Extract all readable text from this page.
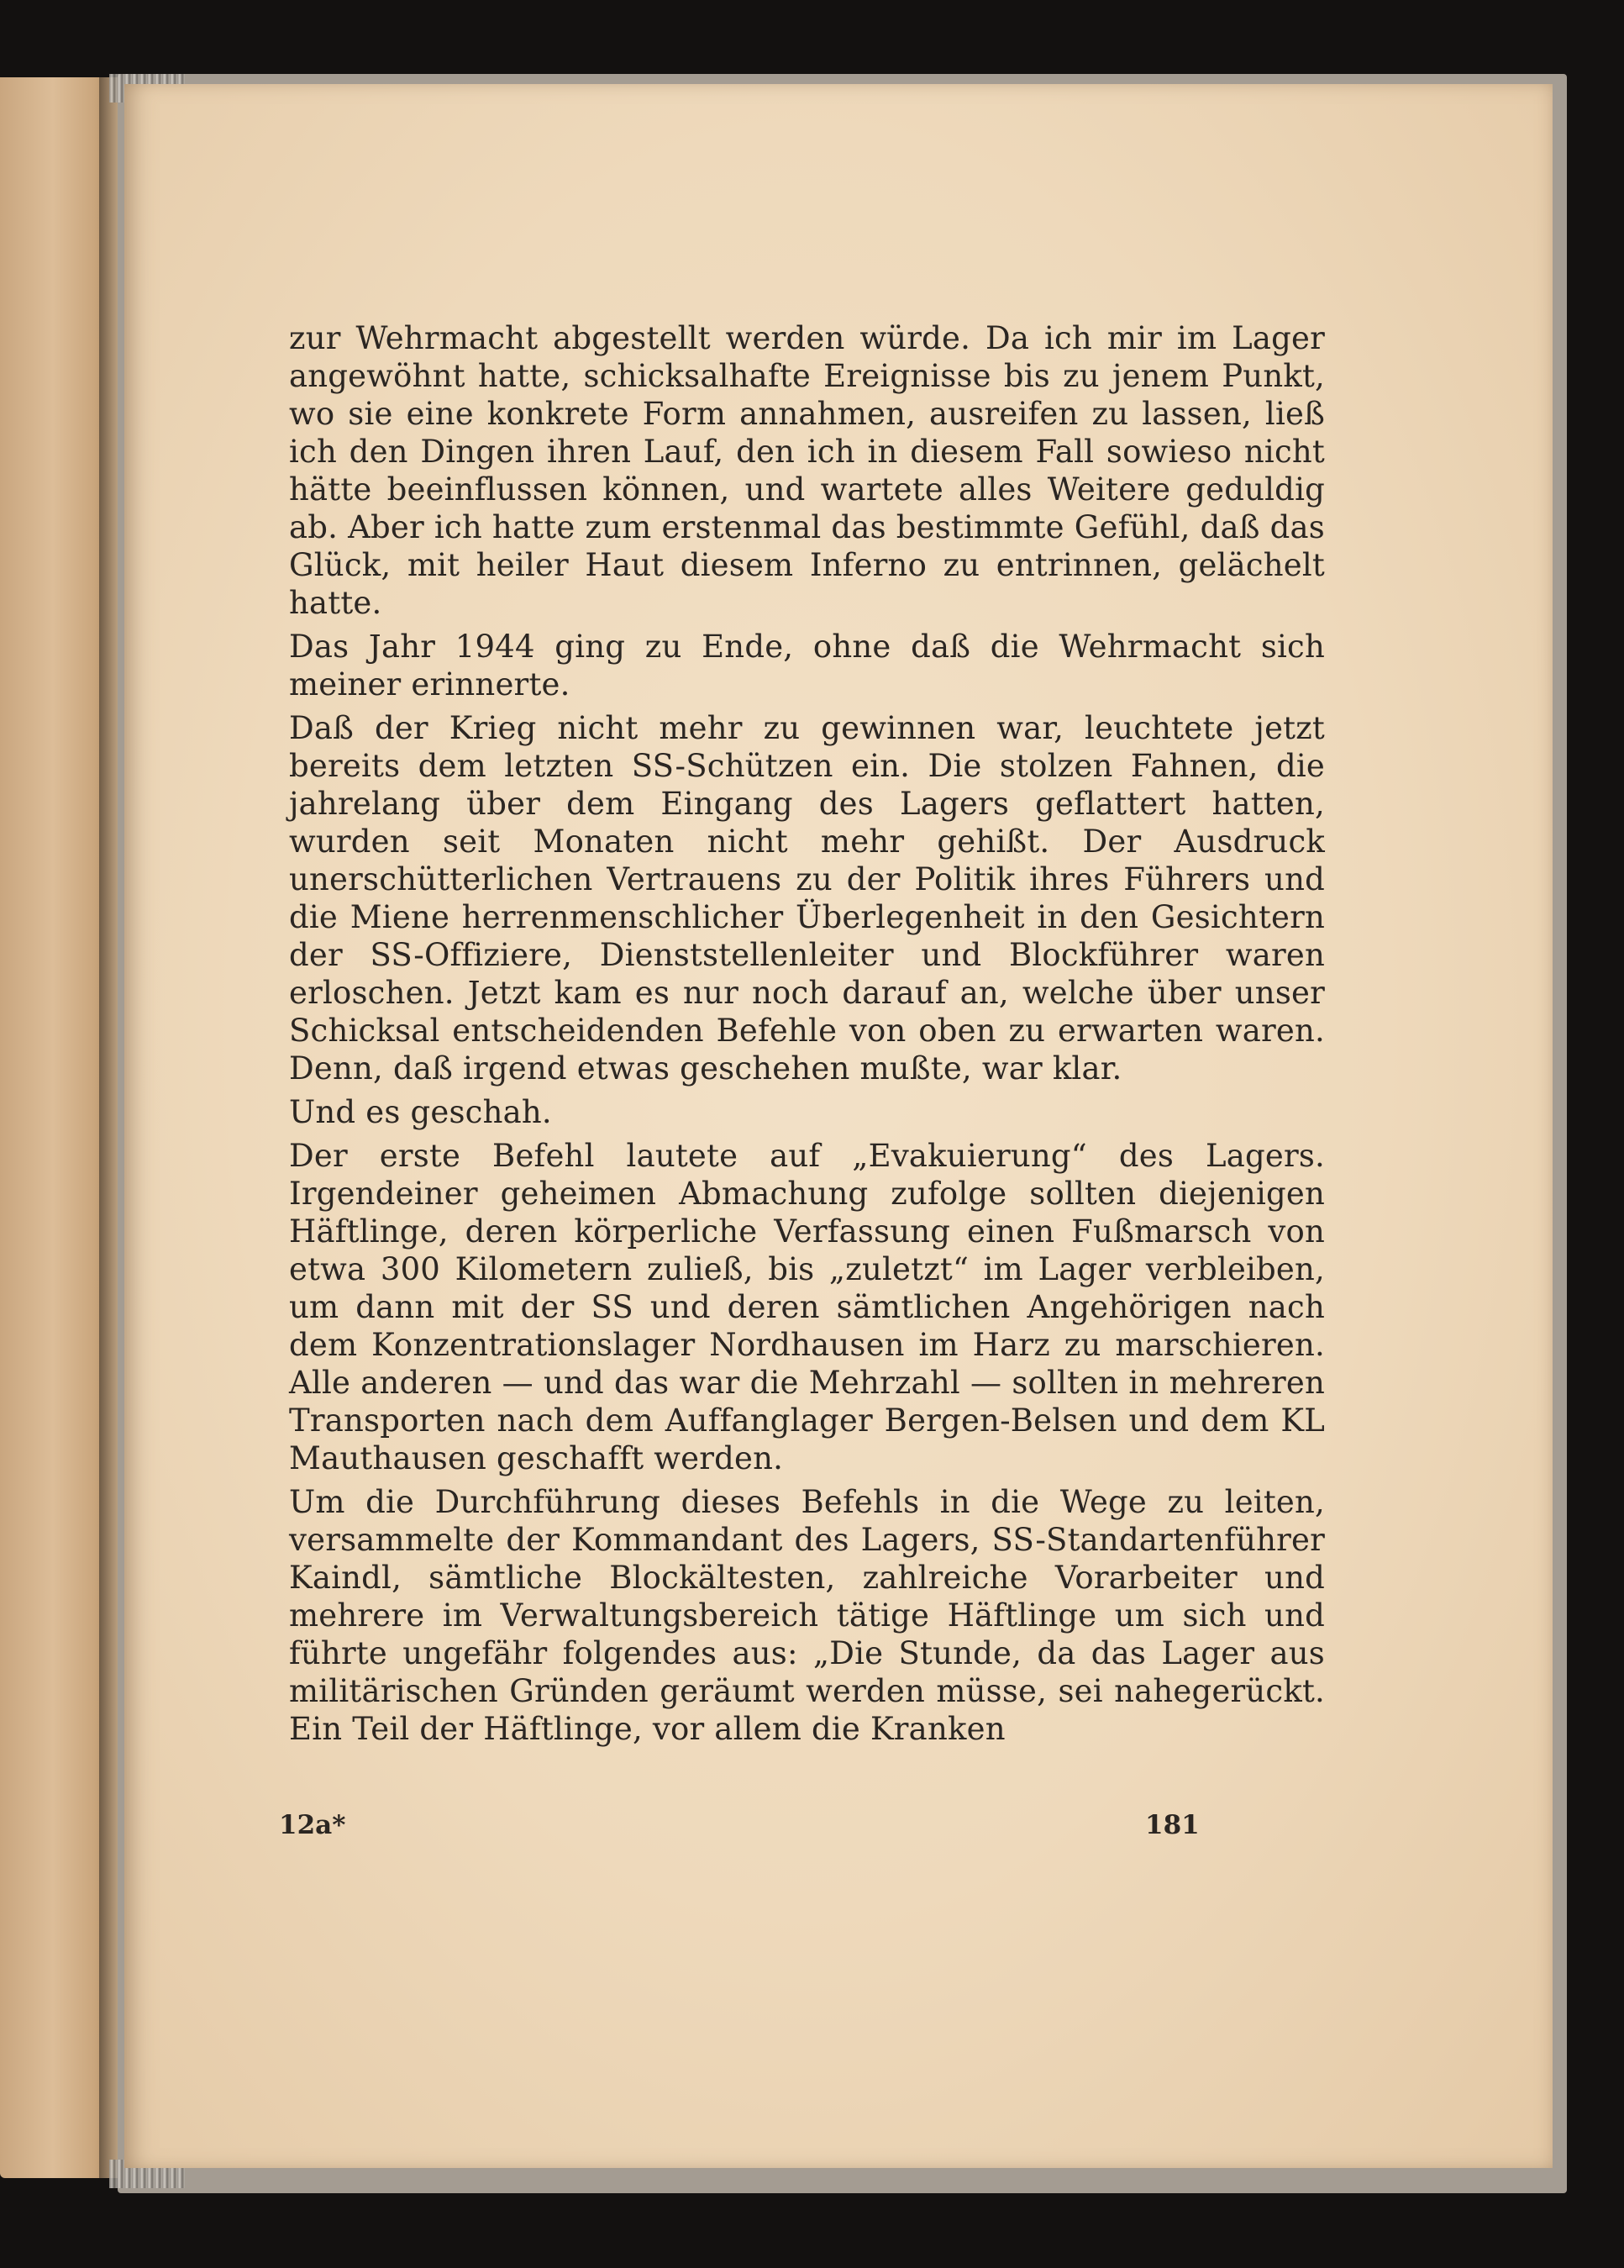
zur Wehrmacht abgestellt werden würde. Da ich mir im Lager angewöhnt hatte, schicksalhafte Ereignisse bis zu jenem Punkt, wo sie eine konkrete Form annahmen, ausreifen zu lassen, ließ ich den Dingen ihren Lauf, den ich in diesem Fall sowieso nicht hätte beeinflussen können, und wartete alles Weitere geduldig ab. Aber ich hatte zum erstenmal das bestimmte Gefühl, daß das Glück, mit heiler Haut diesem Inferno zu entrinnen, gelächelt hatte.

Das Jahr 1944 ging zu Ende, ohne daß die Wehrmacht sich meiner erinnerte.

Daß der Krieg nicht mehr zu gewinnen war, leuchtete jetzt bereits dem letzten SS-Schützen ein. Die stolzen Fahnen, die jahrelang über dem Eingang des Lagers geflattert hatten, wurden seit Monaten nicht mehr gehißt. Der Ausdruck unerschütterlichen Vertrauens zu der Politik ihres Führers und die Miene herrenmenschlicher Überlegenheit in den Gesichtern der SS-Offiziere, Dienststellenleiter und Blockführer waren erloschen. Jetzt kam es nur noch darauf an, welche über unser Schicksal entscheidenden Befehle von oben zu erwarten waren. Denn, daß irgend etwas geschehen mußte, war klar.

Und es geschah.

Der erste Befehl lautete auf „Evakuierung“ des Lagers. Irgendeiner geheimen Abmachung zufolge sollten diejenigen Häftlinge, deren körperliche Verfassung einen Fußmarsch von etwa 300 Kilometern zuließ, bis „zuletzt“ im Lager verbleiben, um dann mit der SS und deren sämtlichen Angehörigen nach dem Konzentrationslager Nordhausen im Harz zu marschieren. Alle anderen — und das war die Mehrzahl — sollten in mehreren Transporten nach dem Auffanglager Bergen-Belsen und dem KL Mauthausen geschafft werden.

Um die Durchführung dieses Befehls in die Wege zu leiten, versammelte der Kommandant des Lagers, SS-Standartenführer Kaindl, sämtliche Blockältesten, zahlreiche Vorarbeiter und mehrere im Verwaltungsbereich tätige Häftlinge um sich und führte ungefähr folgendes aus: „Die Stunde, da das Lager aus militärischen Gründen geräumt werden müsse, sei nahegerückt. Ein Teil der Häftlinge, vor allem die Kranken

12a*	181
